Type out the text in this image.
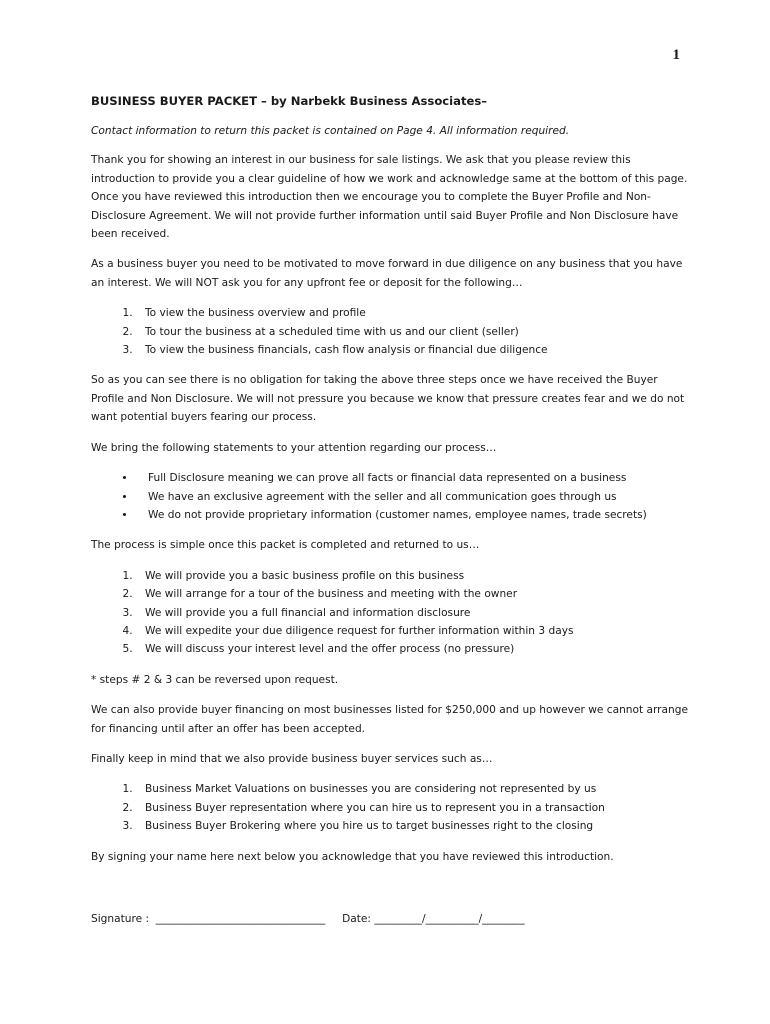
1
BUSINESS BUYER PACKET – by Narbekk Business Associates–

Contact information to return this packet is contained on Page 4. All information required.

Thank you for showing an interest in our business for sale listings. We ask that you please review this introduction to provide you a clear guideline of how we work and acknowledge same at the bottom of this page. Once you have reviewed this introduction then we encourage you to complete the Buyer Profile and Non-Disclosure Agreement. We will not provide further information until said Buyer Profile and Non Disclosure have been received.

As a business buyer you need to be motivated to move forward in due diligence on any business that you have an interest. We will NOT ask you for any upfront fee or deposit for the following…

1. To view the business overview and profile
2. To tour the business at a scheduled time with us and our client (seller)
3. To view the business financials, cash flow analysis or financial due diligence

So as you can see there is no obligation for taking the above three steps once we have received the Buyer Profile and Non Disclosure. We will not pressure you because we know that pressure creates fear and we do not want potential buyers fearing our process.

We bring the following statements to your attention regarding our process…

• Full Disclosure meaning we can prove all facts or financial data represented on a business
• We have an exclusive agreement with the seller and all communication goes through us
• We do not provide proprietary information (customer names, employee names, trade secrets)

The process is simple once this packet is completed and returned to us…

1. We will provide you a basic business profile on this business
2. We will arrange for a tour of the business and meeting with the owner
3. We will provide you a full financial and information disclosure
4. We will expedite your due diligence request for further information within 3 days
5. We will discuss your interest level and the offer process (no pressure)

* steps # 2 & 3 can be reversed upon request.

We can also provide buyer financing on most businesses listed for $250,000 and up however we cannot arrange for financing until after an offer has been accepted.

Finally keep in mind that we also provide business buyer services such as…

1. Business Market Valuations on businesses you are considering not represented by us
2. Business Buyer representation where you can hire us to represent you in a transaction
3. Business Buyer Brokering where you hire us to target businesses right to the closing

By signing your name here next below you acknowledge that you have reviewed this introduction.

Signature :  ________________________________     Date: _________/__________/________
